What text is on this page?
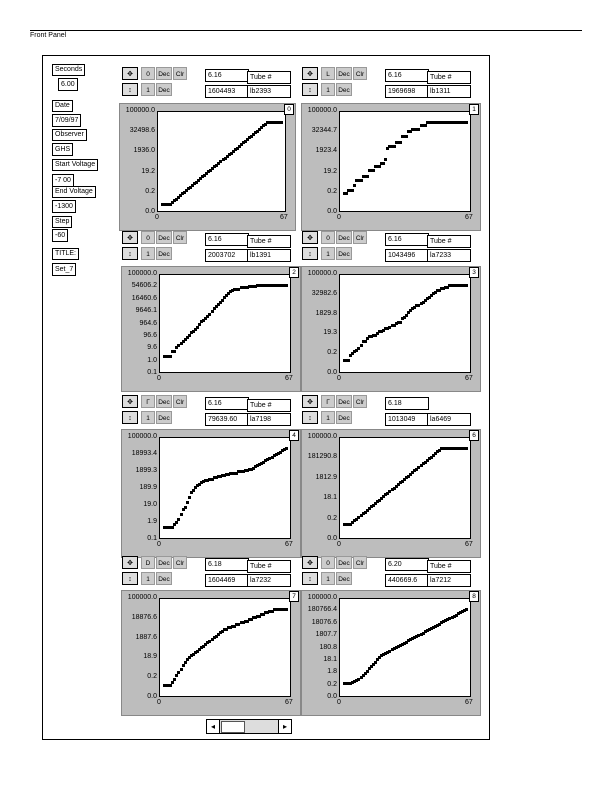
Front Panel
Seconds
6.00
Date
7/09/97
Observer
GHS
Start Voltage
-7 00
End Voltage
-1300
Step
-60
TITLE:
Set_7
✥
↕
0	Dec Clr
1	Dec
6.16	Tube #
1604493	lb2393
0
100000.0
32498.6
1936.0
19.2
0.2
0.0
0	67
✥
↕
L	Dec Clr
1	Dec
6.16	Tube #
1969698	lb1311
1
100000.0
32344.7
1923.4
19.2
0.2
0.0
0	67
✥
↕
0	Dec Clr
1	Dec
6.16	Tube #
2003702	lb1391
2
100000.0
54606.2
16460.6
9646.1
964.6
96.6
9.6
1.0
0.1
0	67
✥
↕
0	Dec Clr
1	Dec
6.16	Tube #
1043496	la7233
3
100000.0
32982.6
1829.8
19.3
0.2
0.0
0	67
✥
↕
Γ	Dec Clr
1	Dec
6.16	Tube #
79639.60	la7198
4
100000.0
18993.4
1899.3
189.9
19.0
1.9
0.1
0	67
✥
↕
Γ	Dec Clr
1	Dec
6.18
1013049	la6469
6
100000.0
181290.8
1812.9
18.1
0.2
0.0
0	67
✥
↕
D	Dec Clr
1	Dec
6.18	Tube #
1604469	la7232
7
100000.0
18876.6
1887.6
18.9
0.2
0.0
0	67
✥
↕
0	Dec Clr
1	Dec
6.20	Tube #
440669.6	la7212
8
100000.0
180766.4
18076.6
1807.7
180.8
18.1
1.8
0.2
0.0
0	67
◂	▸
